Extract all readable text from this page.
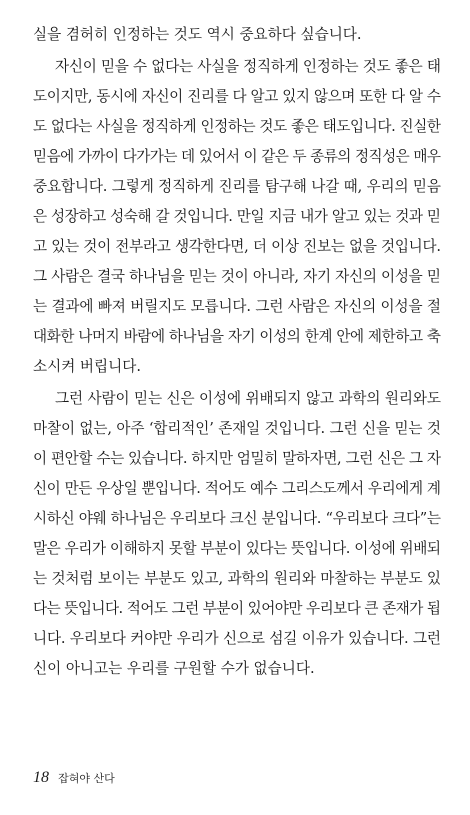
실을 겸허히 인정하는 것도 역시 중요하다 싶습니다.
자신이 믿을 수 없다는 사실을 정직하게 인정하는 것도 좋은 태
도이지만, 동시에 자신이 진리를 다 알고 있지 않으며 또한 다 알 수
도 없다는 사실을 정직하게 인정하는 것도 좋은 태도입니다. 진실한
믿음에 가까이 다가가는 데 있어서 이 같은 두 종류의 정직성은 매우
중요합니다. 그렇게 정직하게 진리를 탐구해 나갈 때, 우리의 믿음
은 성장하고 성숙해 갈 것입니다. 만일 지금 내가 알고 있는 것과 믿
고 있는 것이 전부라고 생각한다면, 더 이상 진보는 없을 것입니다.
그 사람은 결국 하나님을 믿는 것이 아니라, 자기 자신의 이성을 믿
는 결과에 빠져 버릴지도 모릅니다. 그런 사람은 자신의 이성을 절
대화한 나머지 바람에 하나님을 자기 이성의 한계 안에 제한하고 축
소시켜 버립니다.
그런 사람이 믿는 신은 이성에 위배되지 않고 과학의 원리와도
마찰이 없는, 아주 ‘합리적인’ 존재일 것입니다. 그런 신을 믿는 것
이 편안할 수는 있습니다. 하지만 엄밀히 말하자면, 그런 신은 그 자
신이 만든 우상일 뿐입니다. 적어도 예수 그리스도께서 우리에게 계
시하신 야웨 하나님은 우리보다 크신 분입니다. “우리보다 크다”는
말은 우리가 이해하지 못할 부분이 있다는 뜻입니다. 이성에 위배되
는 것처럼 보이는 부분도 있고, 과학의 원리와 마찰하는 부분도 있
다는 뜻입니다. 적어도 그런 부분이 있어야만 우리보다 큰 존재가 됩
니다. 우리보다 커야만 우리가 신으로 섬길 이유가 있습니다. 그런
신이 아니고는 우리를 구원할 수가 없습니다.
18 잡혀야 산다
